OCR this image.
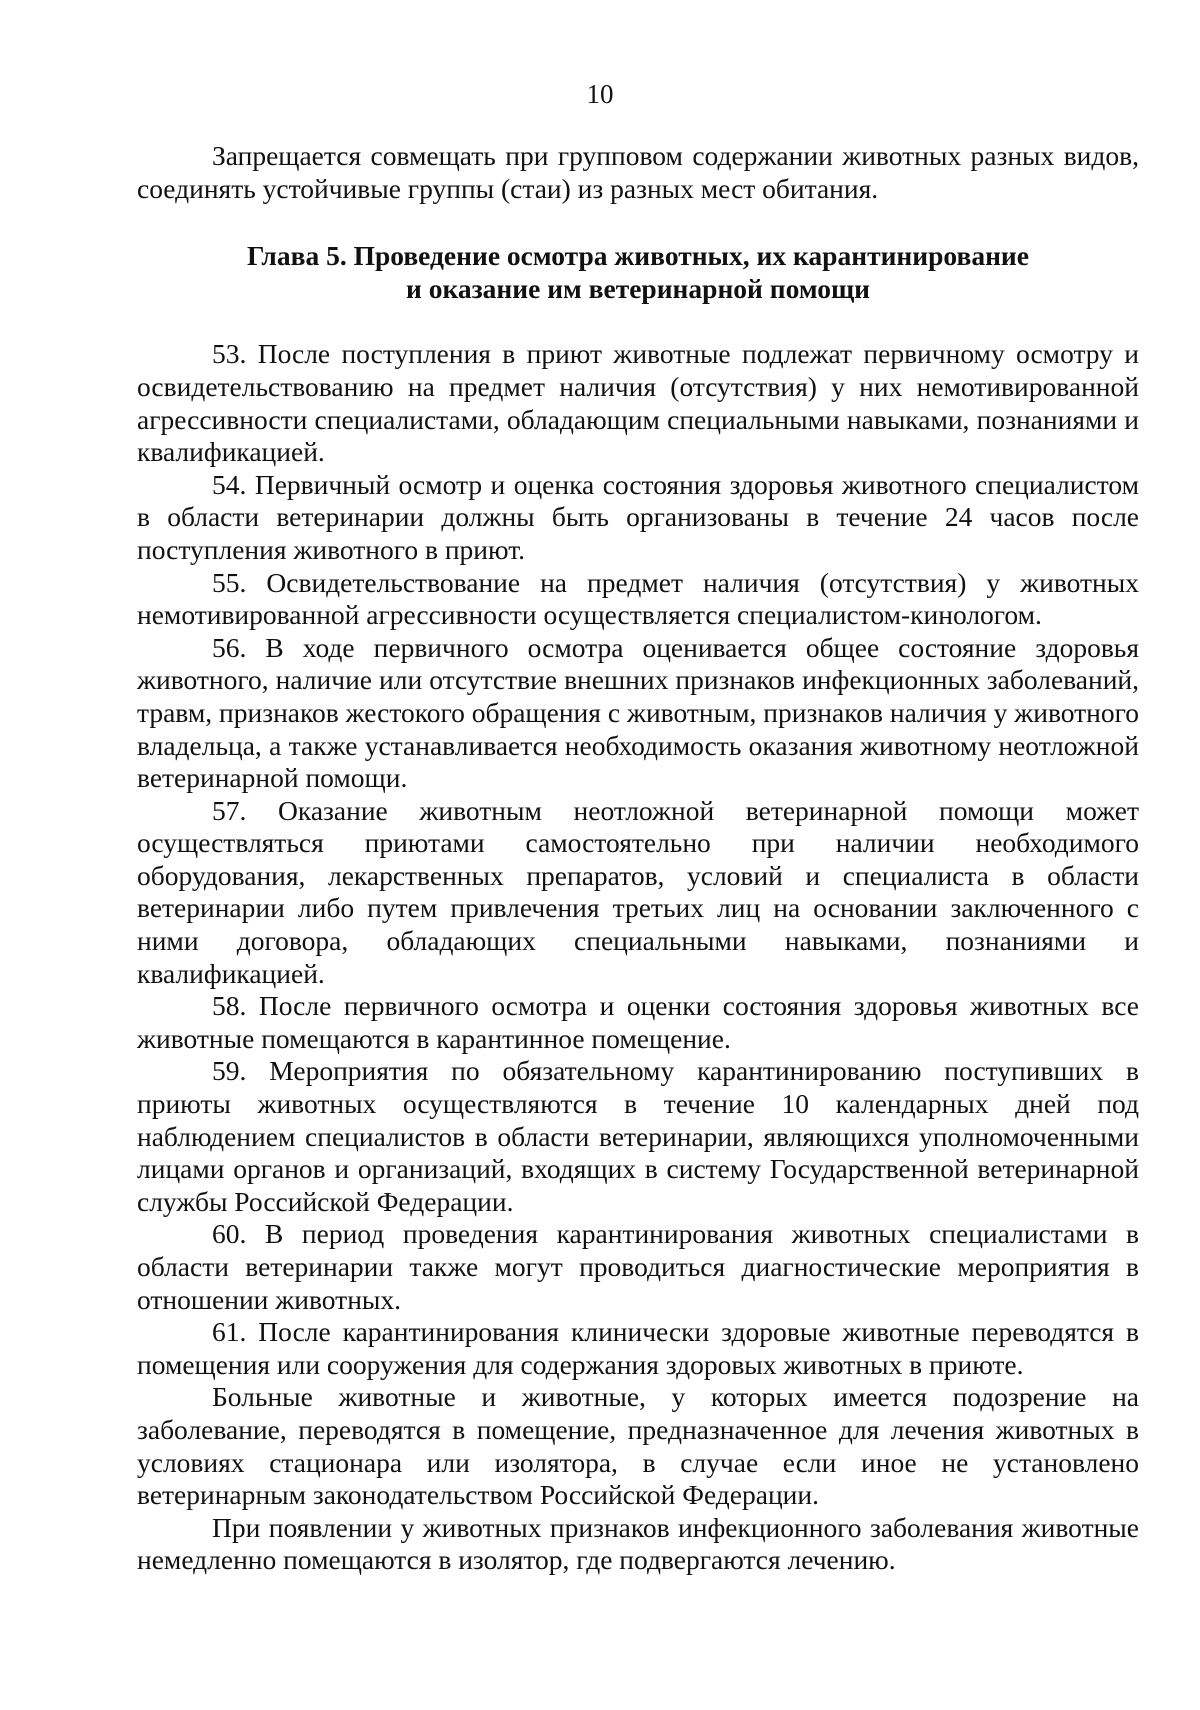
10

Запрещается совмещать при групповом содержании животных разных видов, соединять устойчивые группы (стаи) из разных мест обитания.

Глава 5. Проведение осмотра животных, их карантинирование
и оказание им ветеринарной помощи

53. После поступления в приют животные подлежат первичному осмотру и освидетельствованию на предмет наличия (отсутствия) у них немотивированной агрессивности специалистами, обладающим специальными навыками, познаниями и квалификацией.

54. Первичный осмотр и оценка состояния здоровья животного специалистом в области ветеринарии должны быть организованы в течение 24 часов после поступления животного в приют.

55. Освидетельствование на предмет наличия (отсутствия) у животных немотивированной агрессивности осуществляется специалистом-кинологом.

56. В ходе первичного осмотра оценивается общее состояние здоровья животного, наличие или отсутствие внешних признаков инфекционных заболеваний, травм, признаков жестокого обращения с животным, признаков наличия у животного владельца, а также устанавливается необходимость оказания животному неотложной ветеринарной помощи.

57. Оказание животным неотложной ветеринарной помощи может осуществляться приютами самостоятельно при наличии необходимого оборудования, лекарственных препаратов, условий и специалиста в области ветеринарии либо путем привлечения третьих лиц на основании заключенного с ними договора, обладающих специальными навыками, познаниями и квалификацией.

58. После первичного осмотра и оценки состояния здоровья животных все животные помещаются в карантинное помещение.

59. Мероприятия по обязательному карантинированию поступивших в приюты животных осуществляются в течение 10 календарных дней под наблюдением специалистов в области ветеринарии, являющихся уполномоченными лицами органов и организаций, входящих в систему Государственной ветеринарной службы Российской Федерации.

60. В период проведения карантинирования животных специалистами в области ветеринарии также могут проводиться диагностические мероприятия в отношении животных.

61. После карантинирования клинически здоровые животные переводятся в помещения или сооружения для содержания здоровых животных в приюте.

Больные животные и животные, у которых имеется подозрение на заболевание, переводятся в помещение, предназначенное для лечения животных в условиях стационара или изолятора, в случае если иное не установлено ветеринарным законодательством Российской Федерации.

При появлении у животных признаков инфекционного заболевания животные немедленно помещаются в изолятор, где подвергаются лечению.
